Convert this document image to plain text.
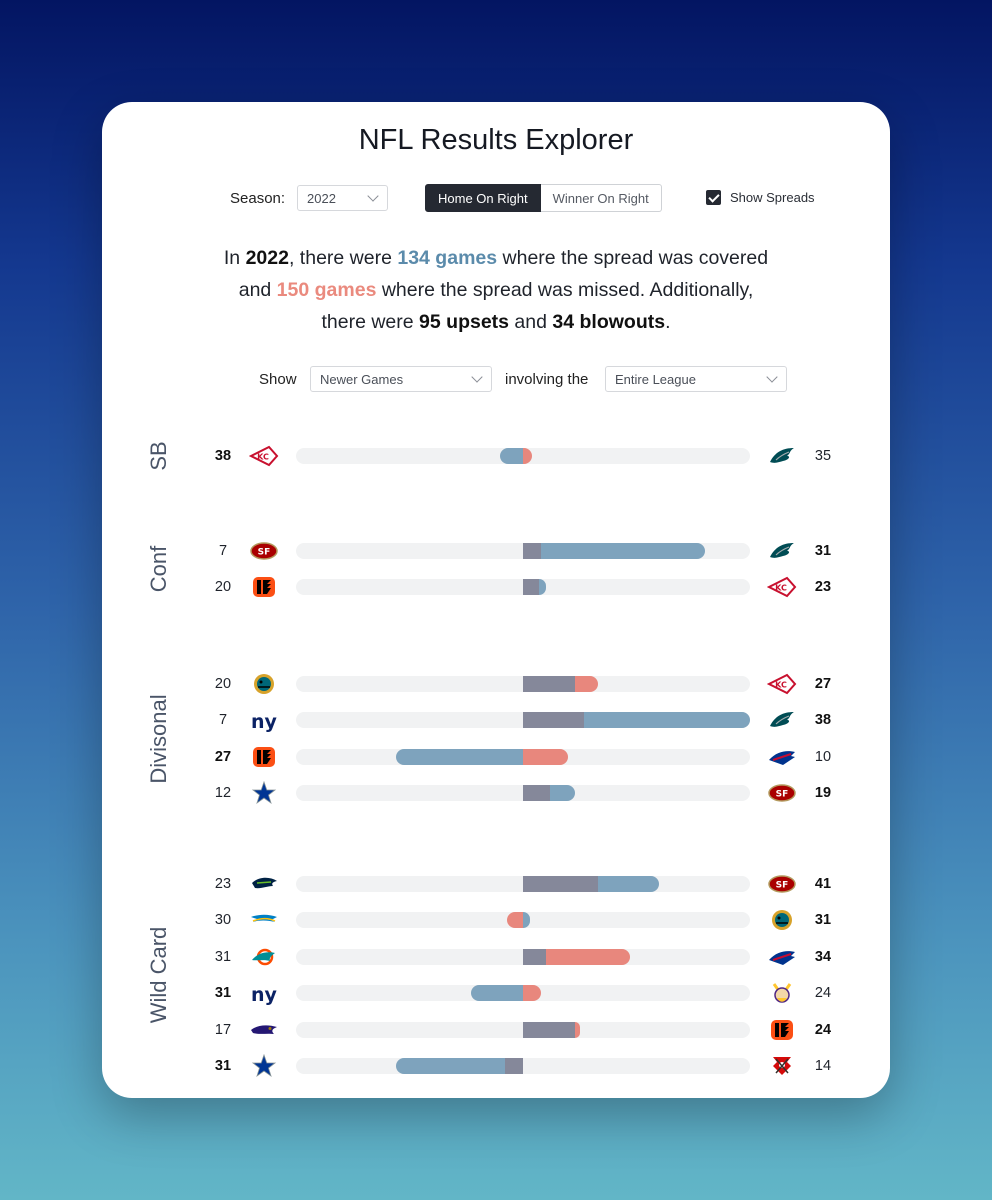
NFL Results Explorer
Season:	2022	Home On Right	Winner On Right	Show Spreads
In 2022, there were 134 games where the spread was covered
and 150 games where the spread was missed. Additionally,
there were 95 upsets and 34 blowouts.
Show	Newer Games	involving the	Entire League
SB	38	KC	35
Conf	7	SF	31
20	KC	23
Divisonal
20	KC	27
7	ny	38
27	10
12	SF	19
Wild Card
23	SF	41
30	31
31	34
31	ny	24
17	24
31	14
